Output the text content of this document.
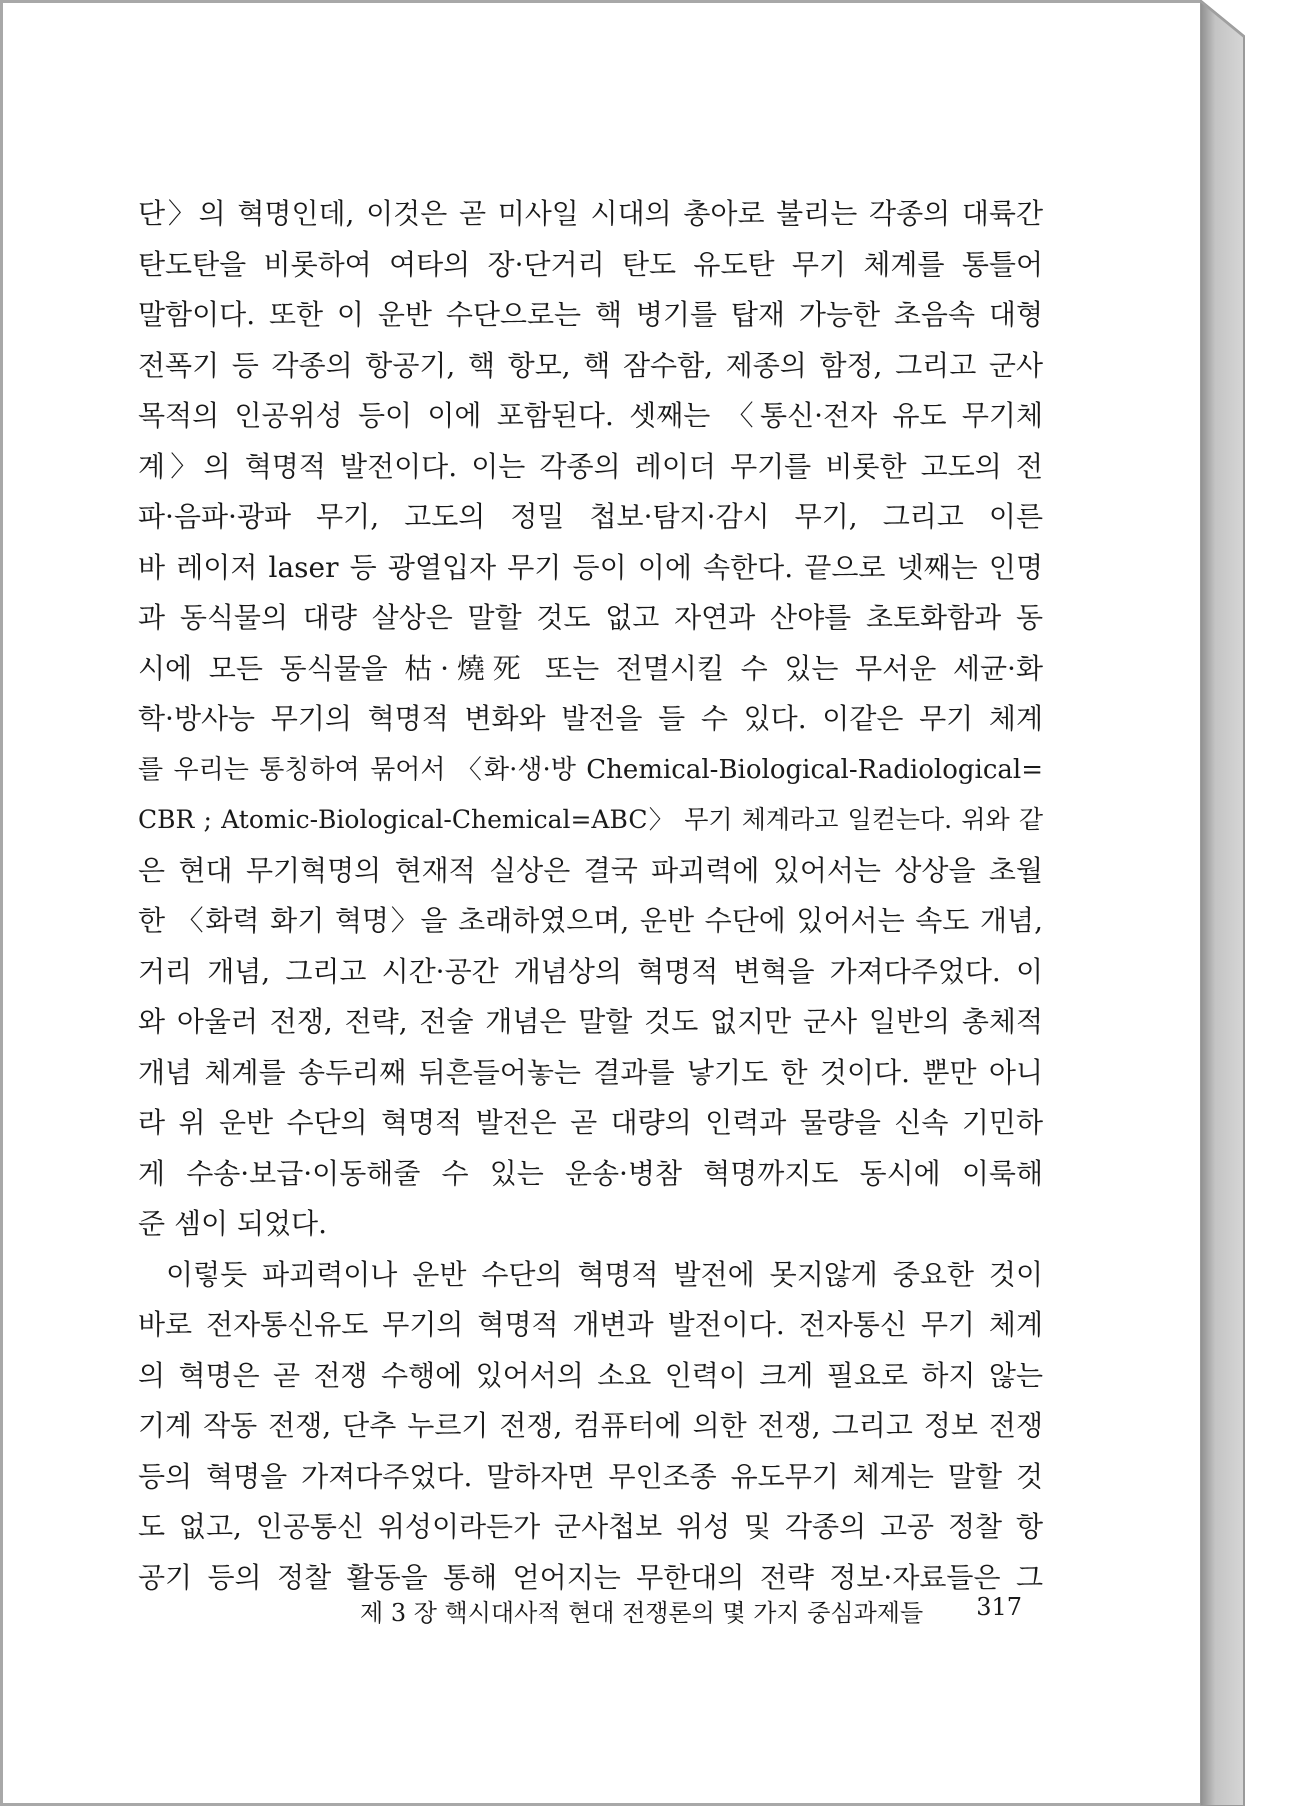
단〉의 혁명인데, 이것은 곧 미사일 시대의 총아로 불리는 각종의 대륙간
탄도탄을 비롯하여 여타의 장·단거리 탄도 유도탄 무기 체계를 통틀어
말함이다. 또한 이 운반 수단으로는 핵 병기를 탑재 가능한 초음속 대형
전폭기 등 각종의 항공기, 핵 항모, 핵 잠수함, 제종의 함정, 그리고 군사
목적의 인공위성 등이 이에 포함된다. 셋째는 〈통신·전자 유도 무기체
계〉의 혁명적 발전이다. 이는 각종의 레이더 무기를 비롯한 고도의 전
파·음파·광파 무기, 고도의 정밀 첩보·탐지·감시 무기, 그리고 이른
바 레이저 laser 등 광열입자 무기 등이 이에 속한다. 끝으로 넷째는 인명
과 동식물의 대량 살상은 말할 것도 없고 자연과 산야를 초토화함과 동
시에 모든 동식물을 枯·燒死 또는 전멸시킬 수 있는 무서운 세균·화
학·방사능 무기의 혁명적 변화와 발전을 들 수 있다. 이같은 무기 체계
를 우리는 통칭하여 묶어서 〈화·생·방 Chemical-Biological-Radiological=
CBR ; Atomic-Biological-Chemical=ABC〉 무기 체계라고 일컫는다. 위와 같
은 현대 무기혁명의 현재적 실상은 결국 파괴력에 있어서는 상상을 초월
한 〈화력 화기 혁명〉을 초래하였으며, 운반 수단에 있어서는 속도 개념,
거리 개념, 그리고 시간·공간 개념상의 혁명적 변혁을 가져다주었다. 이
와 아울러 전쟁, 전략, 전술 개념은 말할 것도 없지만 군사 일반의 총체적
개념 체계를 송두리째 뒤흔들어놓는 결과를 낳기도 한 것이다. 뿐만 아니
라 위 운반 수단의 혁명적 발전은 곧 대량의 인력과 물량을 신속 기민하
게 수송·보급·이동해줄 수 있는 운송·병참 혁명까지도 동시에 이룩해
준 셈이 되었다.
이렇듯 파괴력이나 운반 수단의 혁명적 발전에 못지않게 중요한 것이
바로 전자통신유도 무기의 혁명적 개변과 발전이다. 전자통신 무기 체계
의 혁명은 곧 전쟁 수행에 있어서의 소요 인력이 크게 필요로 하지 않는
기계 작동 전쟁, 단추 누르기 전쟁, 컴퓨터에 의한 전쟁, 그리고 정보 전쟁
등의 혁명을 가져다주었다. 말하자면 무인조종 유도무기 체계는 말할 것
도 없고, 인공통신 위성이라든가 군사첩보 위성 및 각종의 고공 정찰 항
공기 등의 정찰 활동을 통해 얻어지는 무한대의 전략 정보·자료들은 그
제 3 장 핵시대사적 현대 전쟁론의 몇 가지 중심과제들 317
